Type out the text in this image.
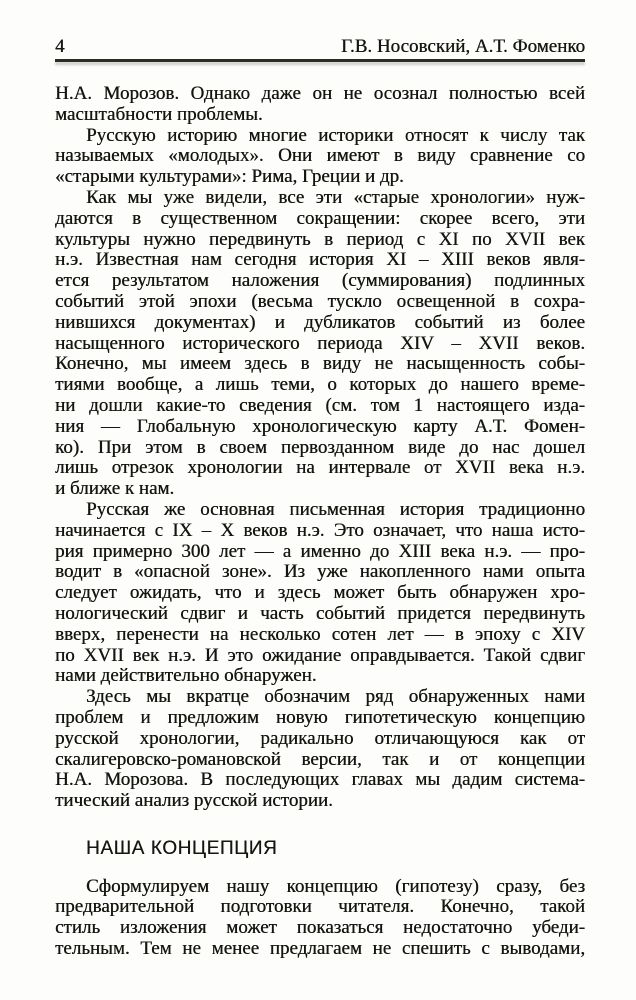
4	Г.В. Носовский, А.Т. Фоменко
Н.А. Морозов. Однако даже он не осознал полностью всей
масштабности проблемы.
Русскую историю многие историки относят к числу так
называемых «молодых». Они имеют в виду сравнение со
«старыми культурами»: Рима, Греции и др.
Как мы уже видели, все эти «старые хронологии» нуж-
даются в существенном сокращении: скорее всего, эти
культуры нужно передвинуть в период с XI по XVII век
н.э. Известная нам сегодня история XI – XIII веков явля-
ется результатом наложения (суммирования) подлинных
событий этой эпохи (весьма тускло освещенной в сохра-
нившихся документах) и дубликатов событий из более
насыщенного исторического периода XIV – XVII веков.
Конечно, мы имеем здесь в виду не насыщенность собы-
тиями вообще, а лишь теми, о которых до нашего време-
ни дошли какие-то сведения (см. том 1 настоящего изда-
ния — Глобальную хронологическую карту А.Т. Фомен-
ко). При этом в своем первозданном виде до нас дошел
лишь отрезок хронологии на интервале от XVII века н.э.
и ближе к нам.
Русская же основная письменная история традиционно
начинается с IX – X веков н.э. Это означает, что наша исто-
рия примерно 300 лет — а именно до XIII века н.э. — про-
водит в «опасной зоне». Из уже накопленного нами опыта
следует ожидать, что и здесь может быть обнаружен хро-
нологический сдвиг и часть событий придется передвинуть
вверх, перенести на несколько сотен лет — в эпоху с XIV
по XVII век н.э. И это ожидание оправдывается. Такой сдвиг
нами действительно обнаружен.
Здесь мы вкратце обозначим ряд обнаруженных нами
проблем и предложим новую гипотетическую концепцию
русской хронологии, радикально отличающуюся как от
скалигеровско-романовской версии, так и от концепции
Н.А. Морозова. В последующих главах мы дадим система-
тический анализ русской истории.
НАША КОНЦЕПЦИЯ
Сформулируем нашу концепцию (гипотезу) сразу, без
предварительной подготовки читателя. Конечно, такой
стиль изложения может показаться недостаточно убеди-
тельным. Тем не менее предлагаем не спешить с выводами,
